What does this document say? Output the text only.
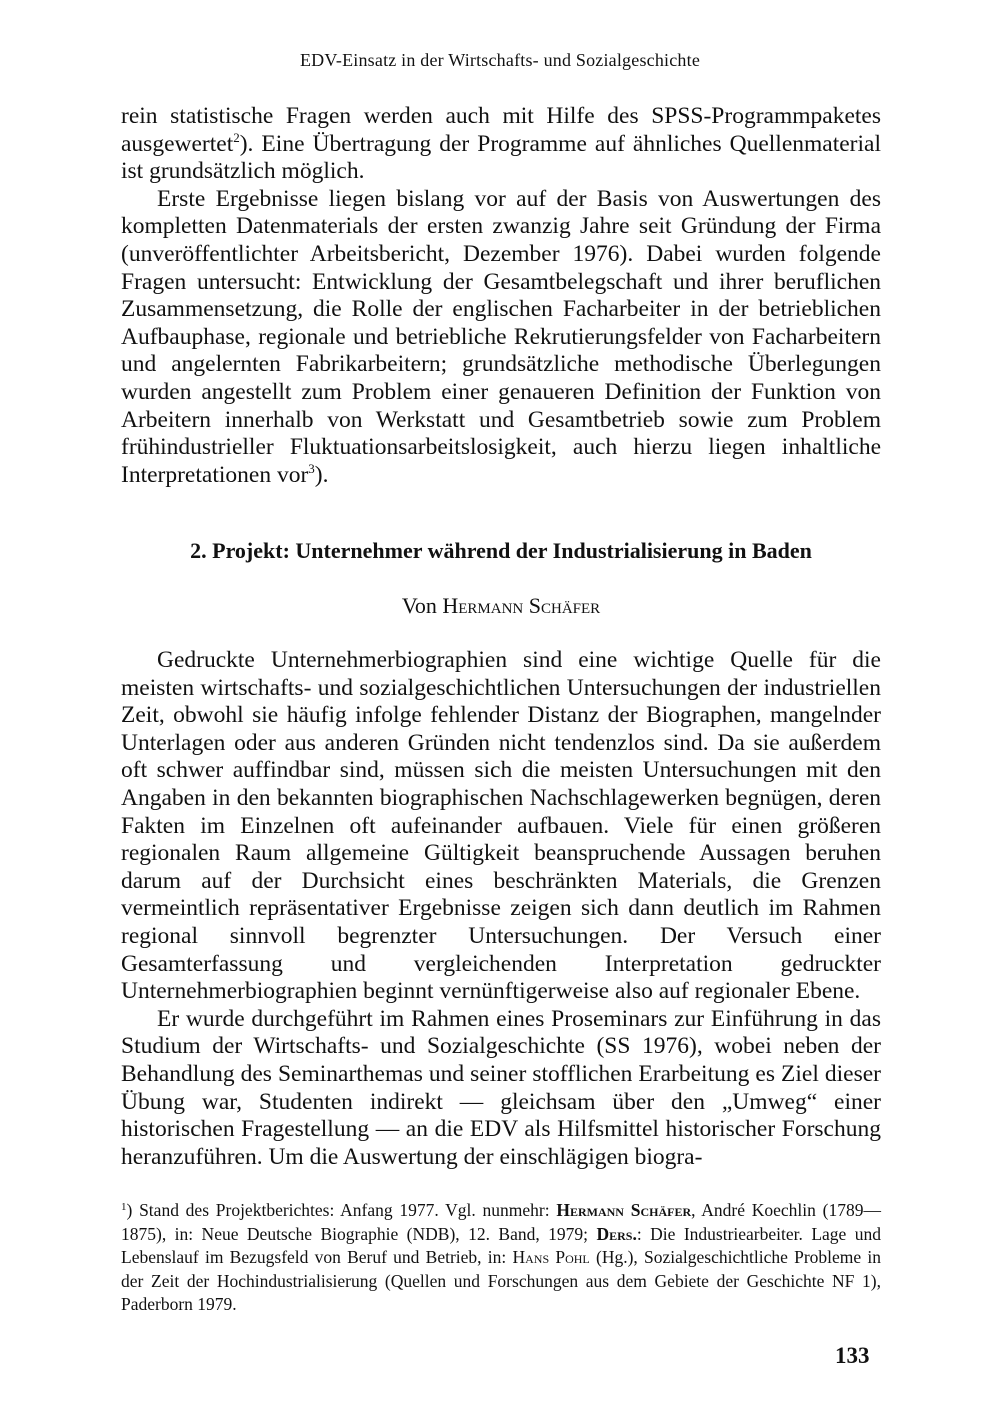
EDV-Einsatz in der Wirtschafts- und Sozialgeschichte

rein statistische Fragen werden auch mit Hilfe des SPSS-Programmpaketes ausgewertet$^2$). Eine Übertragung der Programme auf ähnliches Quellenmaterial ist grundsätzlich möglich.

Erste Ergebnisse liegen bislang vor auf der Basis von Auswertungen des kompletten Datenmaterials der ersten zwanzig Jahre seit Gründung der Firma (unveröffentlichter Arbeitsbericht, Dezember 1976). Dabei wurden folgende Fragen untersucht: Entwicklung der Gesamtbelegschaft und ihrer beruflichen Zusammensetzung, die Rolle der englischen Facharbeiter in der betrieblichen Aufbauphase, regionale und betriebliche Rekrutierungsfelder von Facharbeitern und angelernten Fabrikarbeitern; grundsätzliche methodische Überlegungen wurden angestellt zum Problem einer genaueren Definition der Funktion von Arbeitern innerhalb von Werkstatt und Gesamtbetrieb sowie zum Problem frühindustrieller Fluktuationsarbeitslosigkeit, auch hierzu liegen inhaltliche Interpretationen vor$^3$).

2. Projekt: Unternehmer während der Industrialisierung in Baden
Von Hermann Schäfer

Gedruckte Unternehmerbiographien sind eine wichtige Quelle für die meisten wirtschafts- und sozialgeschichtlichen Untersuchungen der industriellen Zeit, obwohl sie häufig infolge fehlender Distanz der Biographen, mangelnder Unterlagen oder aus anderen Gründen nicht tendenzlos sind. Da sie außerdem oft schwer auffindbar sind, müssen sich die meisten Untersuchungen mit den Angaben in den bekannten biographischen Nachschlagewerken begnügen, deren Fakten im Einzelnen oft aufeinander aufbauen. Viele für einen größeren regionalen Raum allgemeine Gültigkeit beanspruchende Aussagen beruhen darum auf der Durchsicht eines beschränkten Materials, die Grenzen vermeintlich repräsentativer Ergebnisse zeigen sich dann deutlich im Rahmen regional sinnvoll begrenzter Untersuchungen. Der Versuch einer Gesamterfassung und vergleichenden Interpretation gedruckter Unternehmerbiographien beginnt vernünftigerweise also auf regionaler Ebene.

Er wurde durchgeführt im Rahmen eines Proseminars zur Einführung in das Studium der Wirtschafts- und Sozialgeschichte (SS 1976), wobei neben der Behandlung des Seminarthemas und seiner stofflichen Erarbeitung es Ziel dieser Übung war, Studenten indirekt — gleichsam über den „Umweg“ einer historischen Fragestellung — an die EDV als Hilfsmittel historischer Forschung heranzuführen. Um die Auswertung der einschlägigen biogra-

$^1$) Stand des Projektberichtes: Anfang 1977. Vgl. nunmehr: Hermann Schäfer, André Koechlin (1789—1875), in: Neue Deutsche Biographie (NDB), 12. Band, 1979; Ders.: Die Industriearbeiter. Lage und Lebenslauf im Bezugsfeld von Beruf und Betrieb, in: Hans Pohl (Hg.), Sozialgeschichtliche Probleme in der Zeit der Hochindustrialisierung (Quellen und Forschungen aus dem Gebiete der Geschichte NF 1), Paderborn 1979.

133
